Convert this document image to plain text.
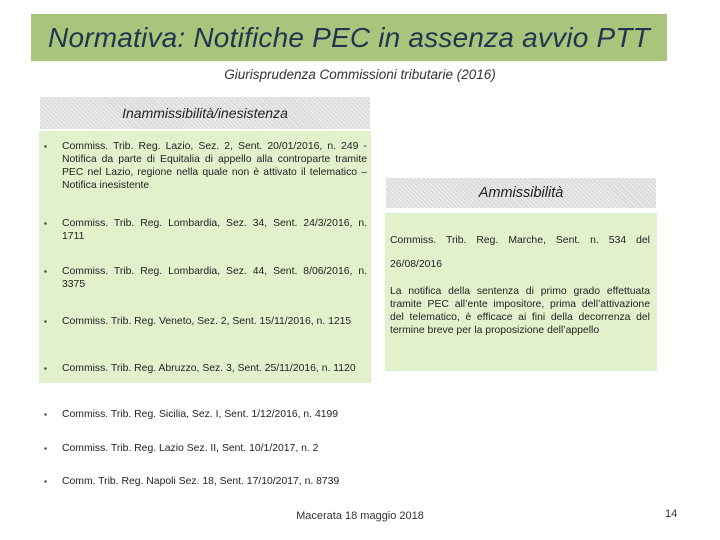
Normativa: Notifiche PEC in assenza avvio PTT
Giurisprudenza Commissioni tributarie (2016)
Inammissibilità/inesistenza
▪ Commiss. Trib. Reg. Lazio, Sez. 2, Sent. 20/01/2016, n. 249 - Notifica da parte di Equitalia di appello alla controparte tramite PEC nel Lazio, regione nella quale non è attivato il telematico – Notifica inesistente
▪ Commiss. Trib. Reg. Lombardia, Sez. 34, Sent. 24/3/2016, n. 1711
▪ Commiss. Trib. Reg. Lombardia, Sez. 44, Sent. 8/06/2016, n. 3375
▪ Commiss. Trib. Reg. Veneto, Sez. 2, Sent. 15/11/2016, n. 1215
▪ Commiss. Trib. Reg. Abruzzo, Sez. 3, Sent. 25/11/2016, n. 1120
▪ Commiss. Trib. Reg. Sicilia, Sez. I, Sent. 1/12/2016, n. 4199
▪ Commiss. Trib. Reg. Lazio Sez. II, Sent. 10/1/2017, n. 2
▪ Comm. Trib. Reg. Napoli Sez. 18, Sent. 17/10/2017, n. 8739
Ammissibilità
Commiss. Trib. Reg. Marche, Sent. n. 534 del 26/08/2016
La notifica della sentenza di primo grado effettuata tramite PEC all’ente impositore, prima dell’attivazione del telematico, è efficace ai fini della decorrenza del termine breve per la proposizione dell’appello
Macerata 18 maggio 2018	14
